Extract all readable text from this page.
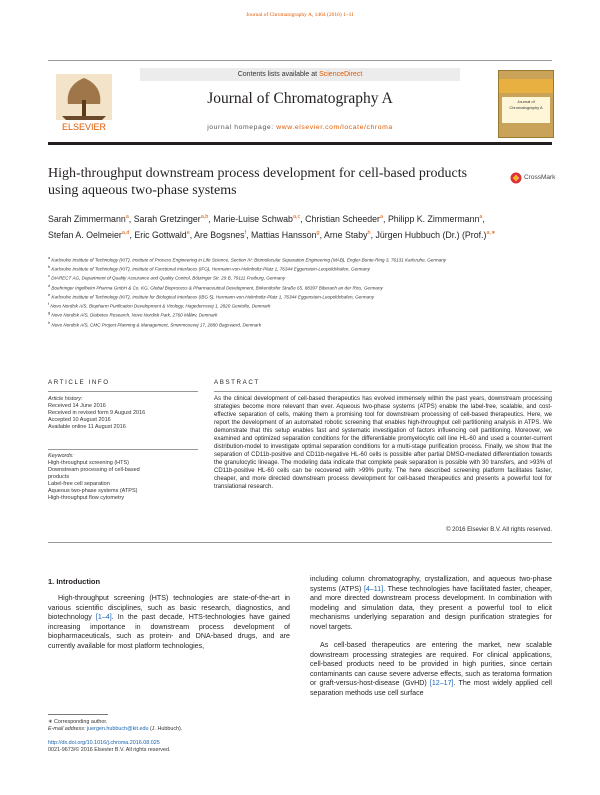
Journal of Chromatography A, 1464 (2016) 1–11
Contents lists available at ScienceDirect
ELSEVIER
Journal of Chromatography A
journal homepage: www.elsevier.com/locate/chroma
Journal of Chromatography A
High-throughput downstream process development for cell-based products using aqueous two-phase systems
CrossMark
Sarah Zimmermann$^a$, Sarah Gretzinger$^{a,b}$, Marie-Luise Schwab$^{a,c}$, Christian Scheeder$^a$, Philipp K. Zimmermann$^a$, Stefan A. Oelmeier$^{a,d}$, Eric Gottwald$^e$, Are Bogsnes$^f$, Mattias Hansson$^g$, Arne Staby$^h$, Jürgen Hubbuch (Dr.) (Prof.)$^{a,∗}$
$^a$ Karlsruhe Institute of Technology (KIT), Institute of Process Engineering in Life Science, Section IV: Biomolecular Separation Engineering (MAB), Engler-Bunte-Ring 3, 76131 Karlsruhe, Germany
$^b$ Karlsruhe Institute of Technology (KIT), Institute of Functional Interfaces (IFG), Hermann-von-Helmholtz-Platz 1, 76344 Eggenstein-Leopoldshafen, Germany
$^c$ DIARECT AG, Department of Quality Assurance and Quality Control, Bötzinger Str. 29 B, 79111 Freiburg, Germany
$^d$ Boehringer Ingelheim Pharma GmbH & Co. KG, Global Bioprocess & Pharmaceutical Development, Birkendorfer Straße 65, 88397 Biberach an der Riss, Germany
$^e$ Karlsruhe Institute of Technology (KIT), Institute for Biological Interfaces (IBG 5), Hermann-von-Helmholtz-Platz 1, 76344 Eggenstein-Leopoldshafen, Germany
$^f$ Novo Nordisk A/S, Biopharm Purification Development & Virology, Hagedornsvej 1, 2820 Gentofte, Denmark
$^g$ Novo Nordisk A/S, Diabetes Research, Novo Nordisk Park, 2760 Måløv, Denmark
$^h$ Novo Nordisk A/S, CMC Project Planning & Management, Smørmosevej 17, 2880 Bagsværd, Denmark
ARTICLE INFO	ABSTRACT
Article history:
Received 14 June 2016
Received in revised form 9 August 2016
Accepted 10 August 2016
Available online 11 August 2016
Keywords:
High-throughput screening (HTS)
Downstream processing of cell-based
products
Label-free cell separation
Aqueous two-phase systems (ATPS)
High-throughput flow cytometry
As the clinical development of cell-based therapeutics has evolved immensely within the past years, downstream processing strategies become more relevant than ever. Aqueous two-phase systems (ATPS) enable the label-free, scalable, and cost-effective separation of cells, making them a promising tool for downstream processing of cell-based therapeutics. Here, we report the development of an automated robotic screening that enables high-throughput cell partitioning analysis in ATPS. We demonstrate that this setup enables fast and systematic investigation of factors influencing cell partitioning. Moreover, we examined and optimized separation conditions for the differentiable promyelocytic cell line HL-60 and used a counter-current distribution-model to investigate optimal separation conditions for a multi-stage purification process. Finally, we show that the separation of CD11b-positive and CD11b-negative HL-60 cells is possible after partial DMSO-mediated differentiation towards the granulocytic lineage. The modeling data indicate that complete peak separation is possible with 30 transfers, and >93% of CD11b-positive HL-60 cells can be recovered with >99% purity. The here described screening platform facilitates faster, cheaper, and more directed downstream process development for cell-based therapeutics and presents a powerful tool for translational research.
© 2016 Elsevier B.V. All rights reserved.
1. Introduction
High-throughput screening (HTS) technologies are state-of-the-art in various scientific disciplines, such as basic research, diagnostics, and biotechnology [1–4]. In the past decade, HTS-technologies have gained increasing importance in downstream process development of biopharmaceuticals, such as protein- and DNA-based drugs, and are currently available for most platform technologies,
including column chromatography, crystallization, and aqueous two-phase systems (ATPS) [4–11]. These technologies have facilitated faster, cheaper, and more directed downstream process development. In combination with modeling and simulation data, they present a powerful tool to elicit mechanisms underlying separation and design purification strategies for novel targets.
As cell-based therapeutics are entering the market, new scalable downstream processing strategies are required. For clinical applications, cell-based products need to be provided in high purities, since certain contaminants can cause severe adverse effects, such as teratoma formation or graft-versus-host-disease (GvHD) [12–17]. The most widely applied cell separation methods use cell surface
∗ Corresponding author.
E-mail address: juergen.hubbuch@kit.edu (J. Hubbuch).
http://dx.doi.org/10.1016/j.chroma.2016.08.025
0021-9673/© 2016 Elsevier B.V. All rights reserved.
